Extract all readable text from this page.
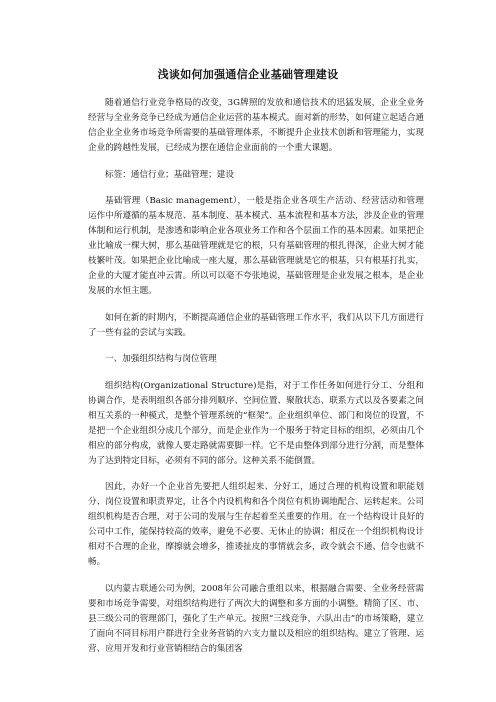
浅谈如何加强通信企业基础管理建设

随着通信行业竞争格局的改变，3G牌照的发放和通信技术的迅猛发展，企业全业务经营与全业务竞争已经成为通信企业运营的基本模式。面对新的形势，如何建立起适合通信企业全业务市场竞争所需要的基础管理体系，不断提升企业技术创新和管理能力，实现企业的跨越性发展，已经成为摆在通信企业面前的一个重大课题。

标签：通信行业；基础管理；建设

基础管理（Basic management），一般是指企业各项生产活动、经营活动和管理运作中所遵循的基本规范、基本制度、基本模式、基本流程和基本方法，涉及企业的管理体制和运行机制，是渗透和影响企业各项业务工作和各个层面工作的基本因素。如果把企业比喻成一棵大树，那么基础管理就是它的根，只有基础管理的根扎得深，企业大树才能枝繁叶茂。如果把企业比喻成一座大厦，那么基础管理就是它的根基，只有根基打扎实，企业的大厦才能直冲云霄。所以可以毫不夸张地说，基础管理是企业发展之根本，是企业发展的水恒主题。

如何在新的时期内，不断提高通信企业的基础管理工作水平，我们从以下几方面进行了一些有益的尝试与实践。

一、加强组织结构与岗位管理

组织结构(Organizational Structure)是指，对于工作任务如何进行分工、分组和协调合作，是表明组织各部分排列顺序、空间位置、聚散状态、联系方式以及各要素之间相互关系的一种模式，是整个管理系统的“框架”。企业组织单位、部门和岗位的设置，不是把一个企业组织分成几个部分，而是企业作为一个服务于特定目标的组织，必须由几个相应的部分构成，就像人要走路就需要脚一样。它不是由整体到部分进行分割，而是整体为了达到特定目标，必须有不同的部分。这种关系不能倒置。

因此，办好一个企业首先要把人组织起来、分好工，通过合理的机构设置和职能划分、岗位设置和职责界定，让各个内设机构和各个岗位有机协调地配合、运转起来。公司组织机构是否合理，对于公司的发展与生存起着至关重要的作用。在一个结构设计良好的公司中工作，能保持较高的效率，避免不必要、无休止的协调；相反在一个组织机构设计相对不合理的企业，摩擦就会增多，推诿扯皮的事情就会多，政令就会不通、信令也就不畅。

以内蒙古联通公司为例，2008年公司融合重组以来，根据融合需要、全业务经营需要和市场竞争需要，对组织结构进行了两次大的调整和多方面的小调整。精简了区、市、县三级公司的管理部门，强化了生产单元。按照“三线竞争，六队出击”的市场策略，建立了面向不同目标用户群进行全业务营销的六支力量以及相应的组织结构。建立了管理、运营、应用开发和行业营销相结合的集团客
